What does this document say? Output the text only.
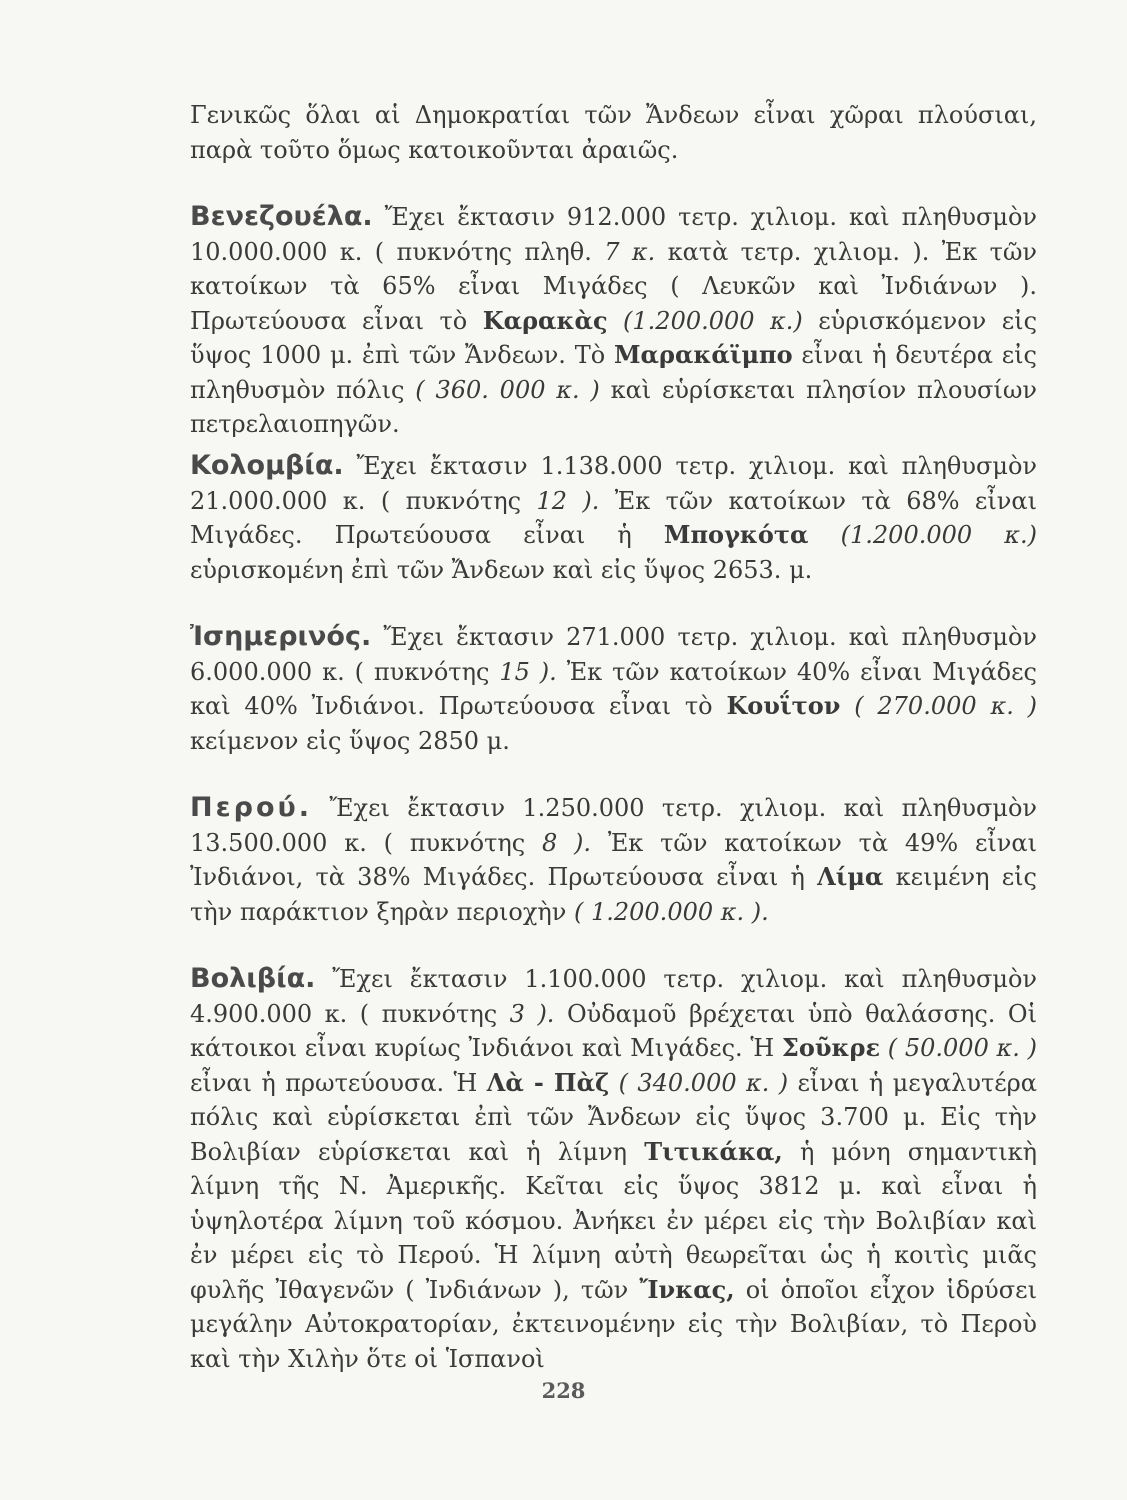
Γενικῶς ὅλαι αἱ Δημοκρατίαι τῶν Ἄνδεων εἶναι χῶραι πλούσιαι, παρὰ τοῦτο ὅμως κατοικοῦνται ἀραιῶς.

Βενεζουέλα. Ἔχει ἔκτασιν 912.000 τετρ. χιλιομ. καὶ πληθυσμὸν 10.000.000 κ. ( πυκνότης πληθ. 7 κ. κατὰ τετρ. χιλιομ. ). Ἐκ τῶν κατοίκων τὰ 65% εἶναι Μιγάδες ( Λευκῶν καὶ Ἰνδιάνων ). Πρωτεύουσα εἶναι τὸ Καρακὰς (1.200.000 κ.) εὑρισκόμενον εἰς ὕψος 1000 μ. ἐπὶ τῶν Ἄνδεων. Τὸ Μαρακάϊμπο εἶναι ἡ δευτέρα εἰς πληθυσμὸν πόλις ( 360. 000 κ. ) καὶ εὑρίσκεται πλησίον πλουσίων πετρελαιοπηγῶν.

Κολομβία. Ἔχει ἔκτασιν 1.138.000 τετρ. χιλιομ. καὶ πληθυσμὸν 21.000.000 κ. ( πυκνότης 12 ). Ἐκ τῶν κατοίκων τὰ 68% εἶναι Μιγάδες. Πρωτεύουσα εἶναι ἡ Μπογκότα (1.200.000 κ.) εὑρισκομένη ἐπὶ τῶν Ἄνδεων καὶ εἰς ὕψος 2653. μ.

Ἰσημερινός. Ἔχει ἔκτασιν 271.000 τετρ. χιλιομ. καὶ πληθυσμὸν 6.000.000 κ. ( πυκνότης 15 ). Ἐκ τῶν κατοίκων 40% εἶναι Μιγάδες καὶ 40% Ἰνδιάνοι. Πρωτεύουσα εἶναι τὸ Κουΐτον ( 270.000 κ. ) κείμενον εἰς ὕψος 2850 μ.

Περού. Ἔχει ἔκτασιν 1.250.000 τετρ. χιλιομ. καὶ πληθυσμὸν 13.500.000 κ. ( πυκνότης 8 ). Ἐκ τῶν κατοίκων τὰ 49% εἶναι Ἰνδιάνοι, τὰ 38% Μιγάδες. Πρωτεύουσα εἶναι ἡ Λίμα κειμένη εἰς τὴν παράκτιον ξηρὰν περιοχὴν ( 1.200.000 κ. ).

Βολιβία. Ἔχει ἔκτασιν 1.100.000 τετρ. χιλιομ. καὶ πληθυσμὸν 4.900.000 κ. ( πυκνότης 3 ). Οὐδαμοῦ βρέχεται ὑπὸ θαλάσσης. Οἱ κάτοικοι εἶναι κυρίως Ἰνδιάνοι καὶ Μιγάδες. Ἡ Σοῦκρε ( 50.000 κ. ) εἶναι ἡ πρωτεύουσα. Ἡ Λὰ - Πὰζ ( 340.000 κ. ) εἶναι ἡ μεγαλυτέρα πόλις καὶ εὑρίσκεται ἐπὶ τῶν Ἄνδεων εἰς ὕψος 3.700 μ. Εἰς τὴν Βολιβίαν εὑρίσκεται καὶ ἡ λίμνη Τιτικάκα, ἡ μόνη σημαντικὴ λίμνη τῆς Ν. Ἀμερικῆς. Κεῖται εἰς ὕψος 3812 μ. καὶ εἶναι ἡ ὑψηλοτέρα λίμνη τοῦ κόσμου. Ἀνήκει ἐν μέρει εἰς τὴν Βολιβίαν καὶ ἐν μέρει εἰς τὸ Περού. Ἡ λίμνη αὐτὴ θεωρεῖται ὡς ἡ κοιτὶς μιᾶς φυλῆς Ἰθαγενῶν ( Ἰνδιάνων ), τῶν Ἴνκας, οἱ ὁποῖοι εἶχον ἱδρύσει μεγάλην Αὐτοκρατορίαν, ἐκτεινομένην εἰς τὴν Βολιβίαν, τὸ Περοὺ καὶ τὴν Χιλὴν ὅτε οἱ Ἱσπανοὶ

228
